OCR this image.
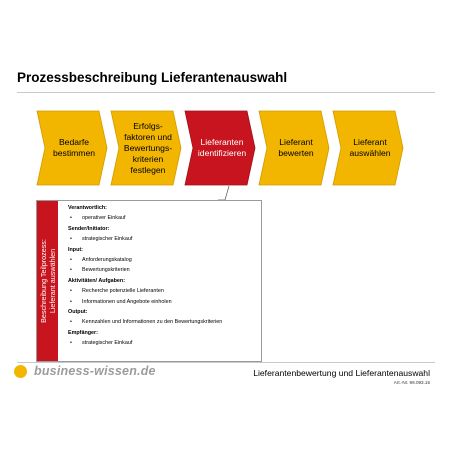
Prozessbeschreibung Lieferantenauswahl
Bedarfe
bestimmen
Erfolgs-
faktoren und
Bewertungs-
kriterien
festlegen
Lieferanten
identifizieren
Lieferant
bewerten
Lieferant
auswählen
Beschreibung Teilprozess: Lieferant auswählen
Verantwortlich:
• operativer Einkauf
Sender/Initiator:
• strategischer Einkauf
Input:
• Anforderungskatalog
• Bewertungskriterien
Aktivitäten/ Aufgaben:
• Recherche potenzielle Lieferanten
• Informationen und Angebote einholen
Output:
• Kennzahlen und Informationen zu den Bewertungskriterien
Empfänger:
• strategischer Einkauf
business-wissen.de	Lieferantenbewertung und Lieferantenauswahl
Art.-Nr. 99.093.15
